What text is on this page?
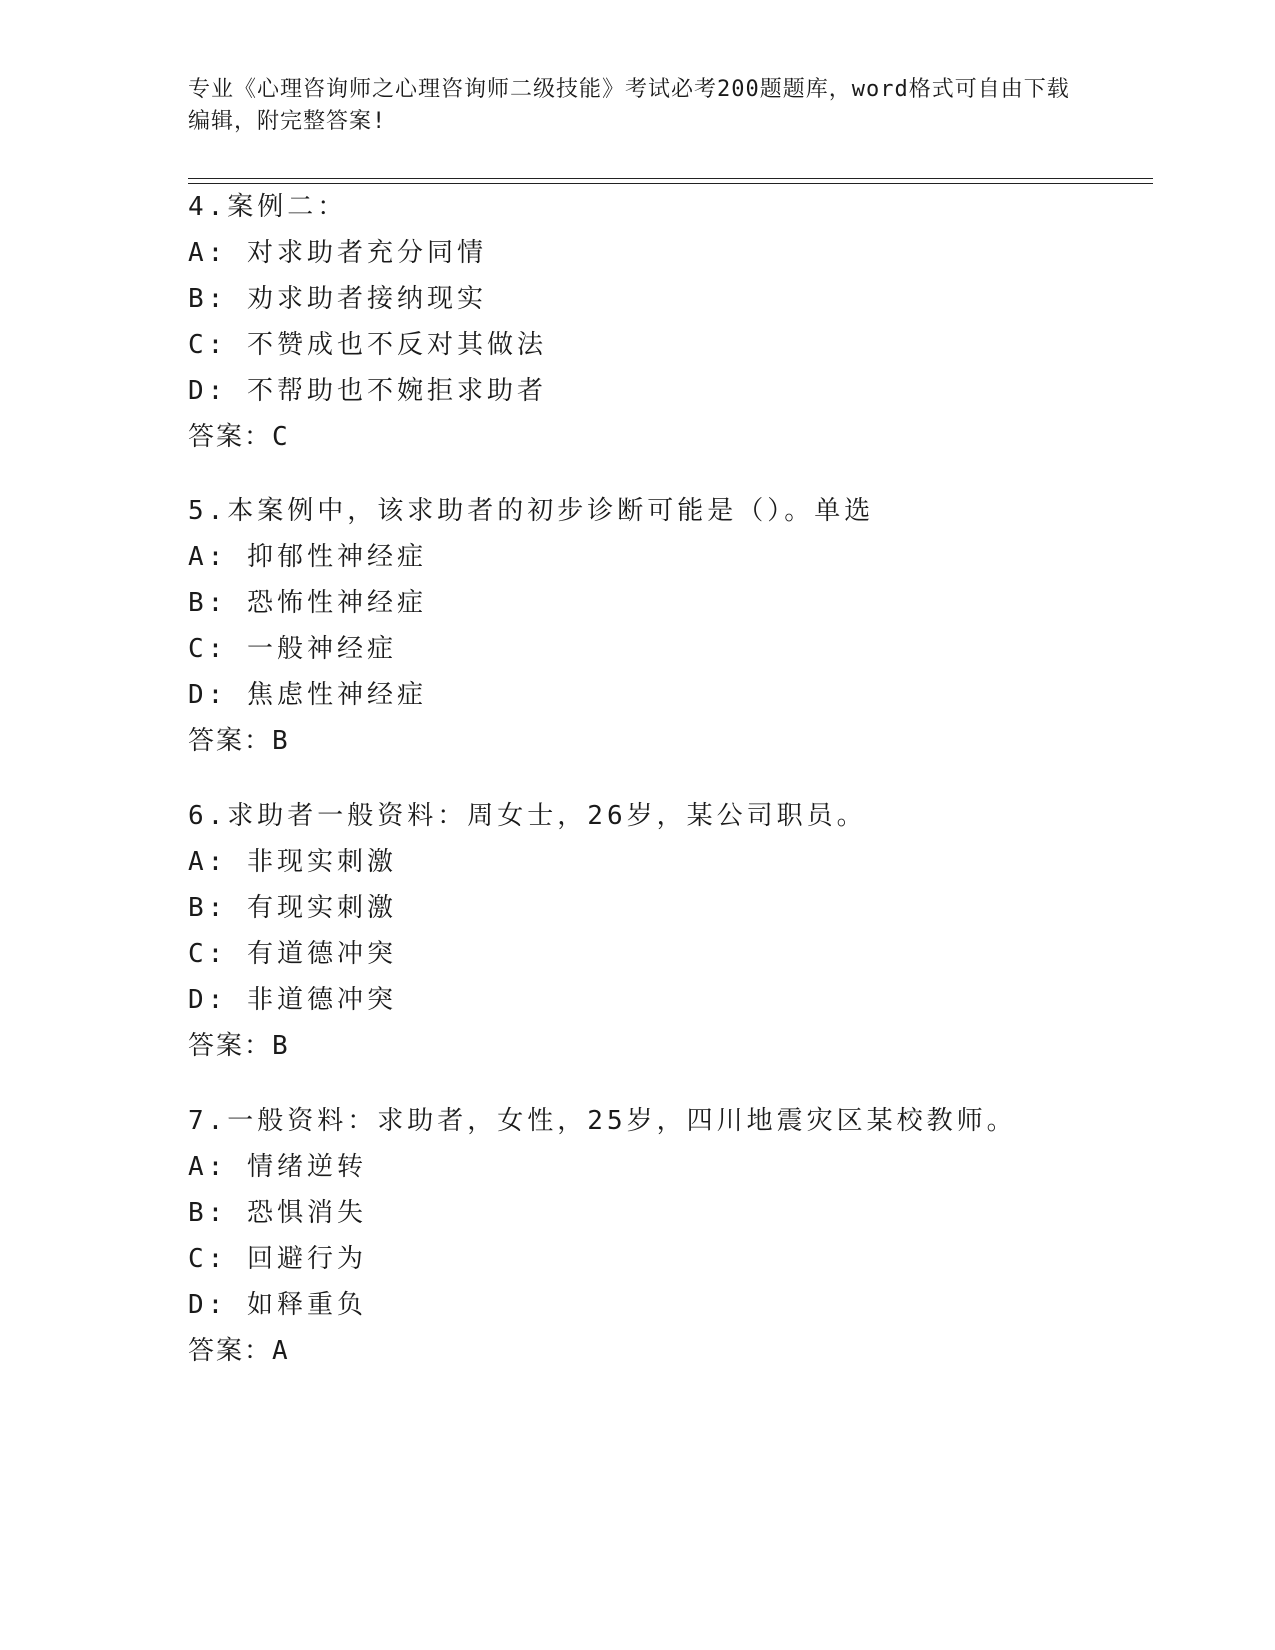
专业《心理咨询师之心理咨询师二级技能》考试必考200题题库，word格式可自由下载编辑，附完整答案!
4.案例二：
A: 对求助者充分同情
B: 劝求助者接纳现实
C: 不赞成也不反对其做法
D: 不帮助也不婉拒求助者
答案：C
5.本案例中，该求助者的初步诊断可能是（）。单选
A: 抑郁性神经症
B: 恐怖性神经症
C: 一般神经症
D: 焦虑性神经症
答案：B
6.求助者一般资料：周女士，26岁，某公司职员。
A: 非现实刺激
B: 有现实刺激
C: 有道德冲突
D: 非道德冲突
答案：B
7.一般资料：求助者，女性，25岁，四川地震灾区某校教师。
A: 情绪逆转
B: 恐惧消失
C: 回避行为
D: 如释重负
答案：A
